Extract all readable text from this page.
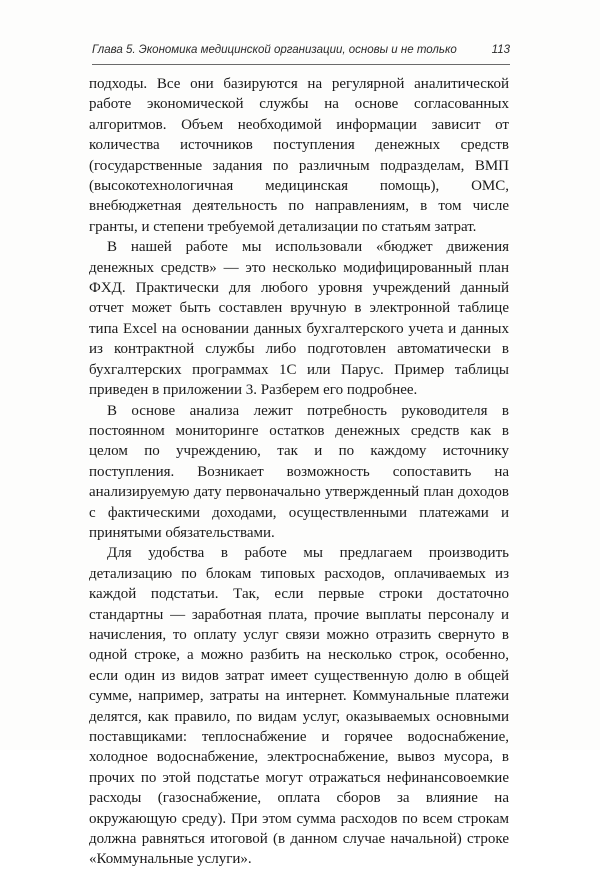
Глава 5. Экономика медицинской организации, основы и не только	113

подходы. Все они базируются на регулярной аналитической работе экономической службы на основе согласованных алгоритмов. Объем необходимой информации зависит от количества источников поступления денежных средств (государственные задания по различным подразделам, ВМП (высокотехнологичная медицинская помощь), ОМС, внебюджетная деятельность по направлениям, в том числе гранты, и степени требуемой детализации по статьям затрат.

В нашей работе мы использовали «бюджет движения денежных средств» — это несколько модифицированный план ФХД. Практически для любого уровня учреждений данный отчет может быть составлен вручную в электронной таблице типа Excel на основании данных бухгалтерского учета и данных из контрактной службы либо подготовлен автоматически в бухгалтерских программах 1С или Парус. Пример таблицы приведен в приложении 3. Разберем его подробнее.

В основе анализа лежит потребность руководителя в постоянном мониторинге остатков денежных средств как в целом по учреждению, так и по каждому источнику поступления. Возникает возможность сопоставить на анализируемую дату первоначально утвержденный план доходов с фактическими доходами, осуществленными платежами и принятыми обязательствами.

Для удобства в работе мы предлагаем производить детализацию по блокам типовых расходов, оплачиваемых из каждой подстатьи. Так, если первые строки достаточно стандартны — заработная плата, прочие выплаты персоналу и начисления, то оплату услуг связи можно отразить свернуто в одной строке, а можно разбить на несколько строк, особенно, если один из видов затрат имеет существенную долю в общей сумме, например, затраты на интернет. Коммунальные платежи делятся, как правило, по видам услуг, оказываемых основными поставщиками: теплоснабжение и горячее водоснабжение, холодное водоснабжение, электроснабжение, вывоз мусора, в прочих по этой подстатье могут отражаться нефинансовоемкие расходы (газоснабжение, оплата сборов за влияние на окружающую среду). При этом сумма расходов по всем строкам должна равняться итоговой (в данном случае начальной) строке «Коммунальные услуги».
